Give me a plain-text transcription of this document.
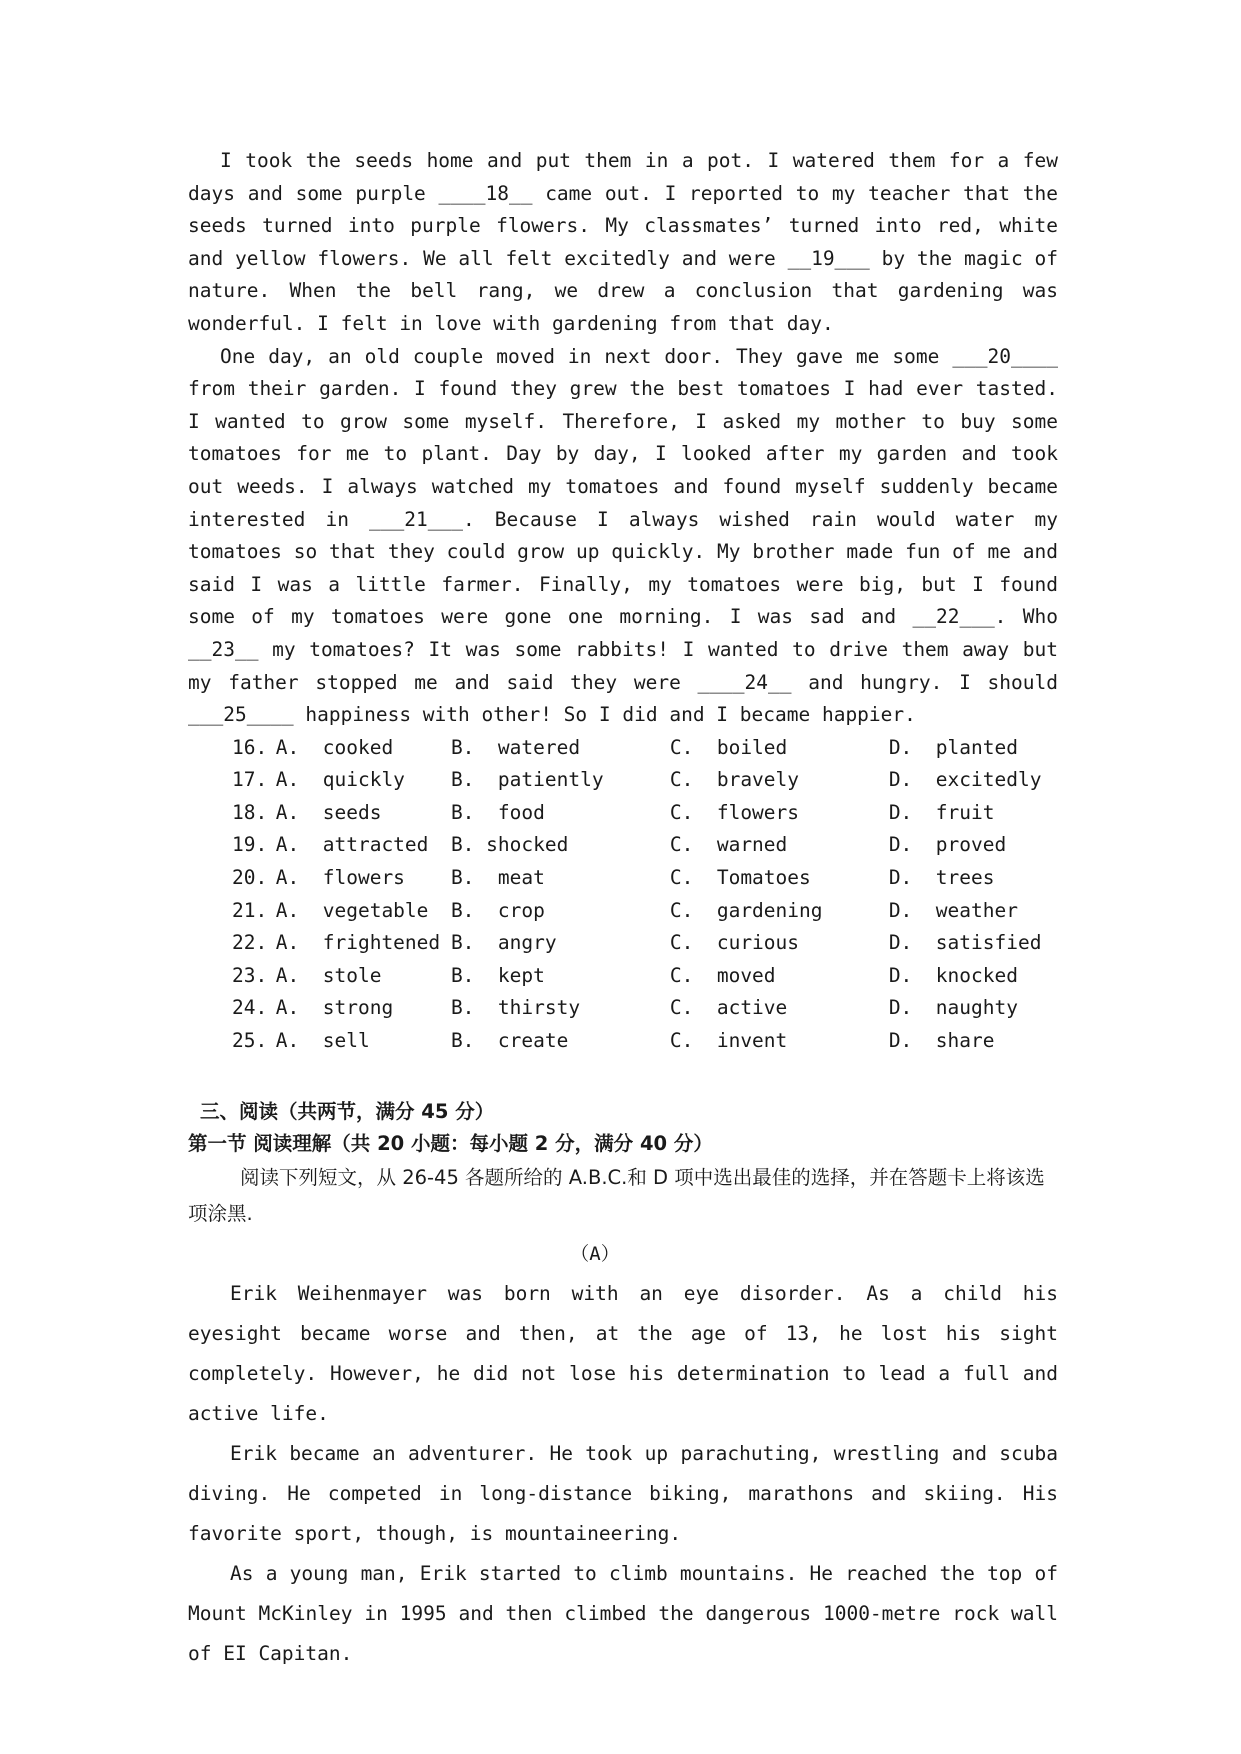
I took the seeds home and put them in a pot. I watered them for a few days and some purple ____18__ came out. I reported to my teacher that the seeds turned into purple flowers. My classmates’ turned into red, white and yellow flowers. We all felt excitedly and were __19___ by the magic of nature. When the bell rang, we drew a conclusion that gardening was wonderful. I felt in love with gardening from that day.

One day, an old couple moved in next door. They gave me some ___20____ from their garden. I found they grew the best tomatoes I had ever tasted. I wanted to grow some myself. Therefore, I asked my mother to buy some tomatoes for me to plant. Day by day, I looked after my garden and took out weeds. I always watched my tomatoes and found myself suddenly became interested in ___21___. Because I always wished rain would water my tomatoes so that they could grow up quickly. My brother made fun of me and said I was a little farmer. Finally, my tomatoes were big, but I found some of my tomatoes were gone one morning. I was sad and __22___. Who __23__ my tomatoes? It was some rabbits! I wanted to drive them away but my father stopped me and said they were ____24__ and hungry. I should ___25____ happiness with other! So I did and I became happier.

16. A.  cooked	B.  watered	C.  boiled	D.  planted
17. A.  quickly	B.  patiently	C.  bravely	D.  excitedly
18. A.  seeds	B.  food	C.  flowers	D.  fruit
19. A.  attracted	B. shocked	C.  warned	D.  proved
20. A.  flowers	B.  meat	C.  Tomatoes	D.  trees
21. A.  vegetable	B.  crop	C.  gardening	D.  weather
22. A.  frightened B.  angry	C.  curious	D.  satisfied
23. A.  stole	B.  kept	C.  moved	D.  knocked
24. A.  strong	B.  thirsty	C.  active	D.  naughty
25. A.  sell	B.  create	C.  invent	D.  share

三、阅读（共两节，满分 45 分）

第一节 阅读理解（共 20 小题：每小题 2 分，满分 40 分）

阅读下列短文，从 26-45 各题所给的 A.B.C.和 D 项中选出最佳的选择，并在答题卡上将该选项涂黑.

（A）

Erik Weihenmayer was born with an eye disorder. As a child his eyesight became worse and then, at the age of 13, he lost his sight completely. However, he did not lose his determination to lead a full and active life.

Erik became an adventurer. He took up parachuting, wrestling and scuba diving. He competed in long-distance biking, marathons and skiing. His favorite sport, though, is mountaineering.

As a young man, Erik started to climb mountains. He reached the top of Mount McKinley in 1995 and then climbed the dangerous 1000-metre rock wall of EI Capitan.
